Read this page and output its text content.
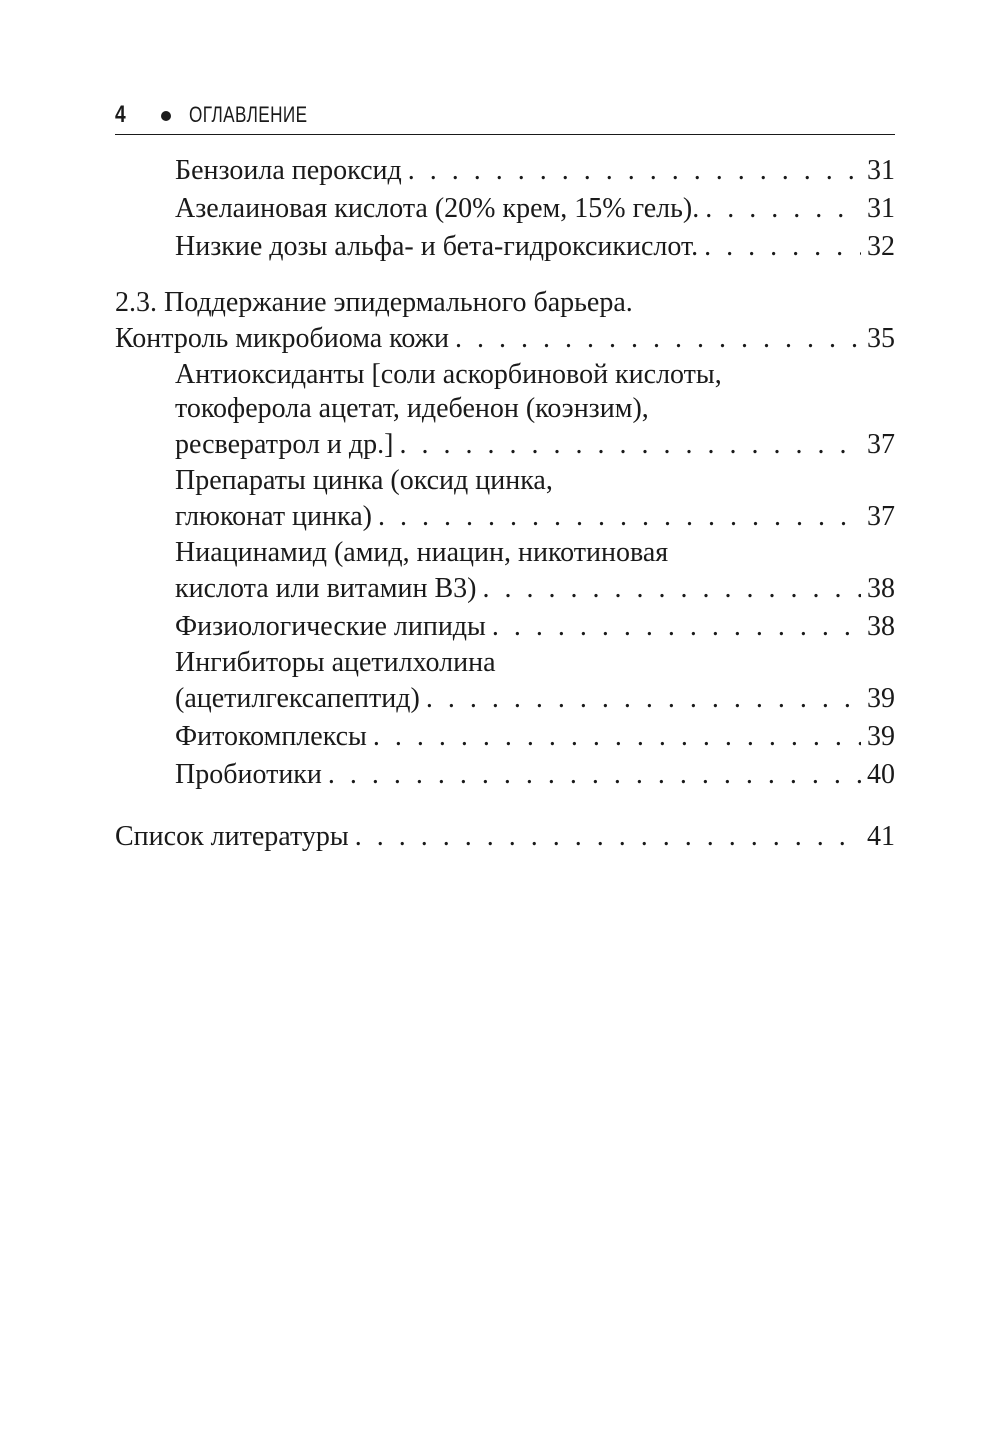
4	ОГЛАВЛЕНИЕ
Бензоила пероксид . . .	31
Азелаиновая кислота (20% крем, 15% гель). . . .	31
Низкие дозы альфа- и бета-гидроксикислот. . . .	32
2.3. Поддержание эпидермального барьера.
Контроль микробиома кожи . . .	35
Антиоксиданты [соли аскорбиновой кислоты,
токоферола ацетат, идебенон (коэнзим),
ресвератрол и др.] . . .	37
Препараты цинка (оксид цинка,
глюконат цинка) . . .	37
Ниацинамид (амид, ниацин, никотиновая
кислота или витамин B3) . . .	38
Физиологические липиды . . .	38
Ингибиторы ацетилхолина
(ацетилгексапептид) . . .	39
Фитокомплексы . . .	39
Пробиотики . . .	40
Список литературы . . .	41
